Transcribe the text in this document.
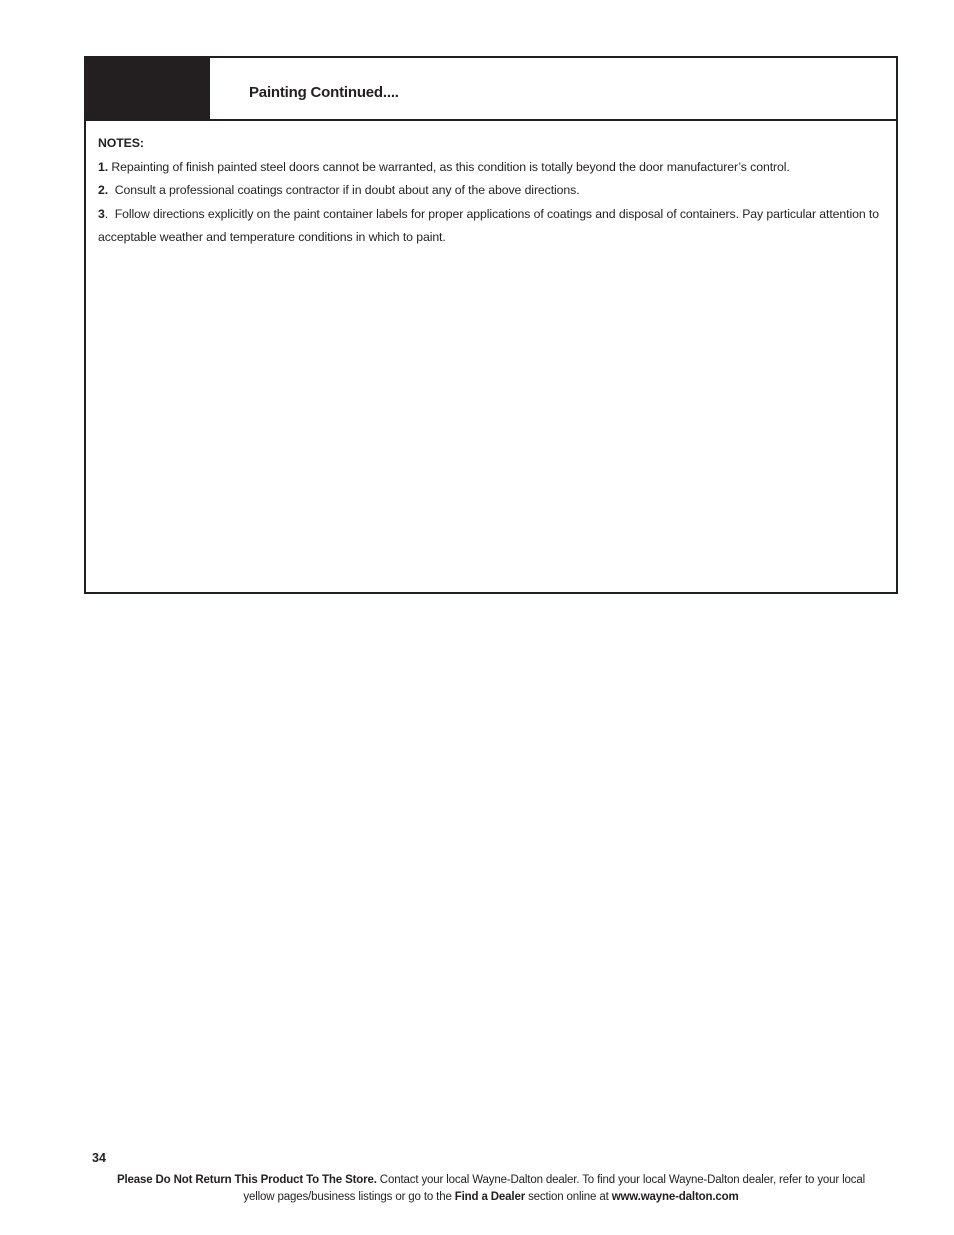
Painting Continued....

NOTES:

1. Repainting of finish painted steel doors cannot be warranted, as this condition is totally beyond the door manufacturer’s control.

2.  Consult a professional coatings contractor if in doubt about any of the above directions.

3.  Follow directions explicitly on the paint container labels for proper applications of coatings and disposal of containers. Pay particular attention to acceptable weather and temperature conditions in which to paint.

34
Please Do Not Return This Product To The Store. Contact your local Wayne-Dalton dealer. To find your local Wayne-Dalton dealer, refer to your local yellow pages/business listings or go to the Find a Dealer section online at www.wayne-dalton.com
